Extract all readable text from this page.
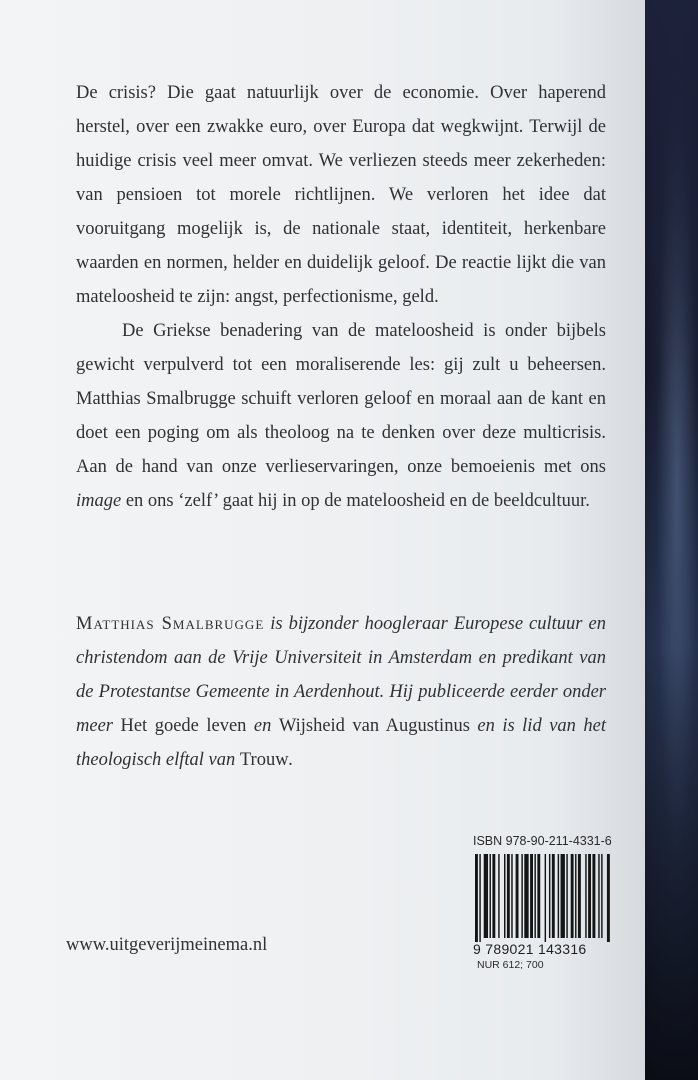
De crisis? Die gaat natuurlijk over de economie. Over haperend herstel, over een zwakke euro, over Europa dat wegkwijnt. Terwijl de huidige crisis veel meer omvat. We verliezen steeds meer zekerheden: van pensioen tot morele richtlijnen. We verloren het idee dat vooruitgang mogelijk is, de nationale staat, identiteit, herkenbare waarden en normen, helder en duidelijk geloof. De reactie lijkt die van mateloosheid te zijn: angst, perfectionisme, geld.

De Griekse benadering van de mateloosheid is onder bijbels gewicht verpulverd tot een moraliserende les: gij zult u beheersen. Matthias Smalbrugge schuift verloren geloof en moraal aan de kant en doet een poging om als theoloog na te denken over deze multicrisis. Aan de hand van onze verlieservaringen, onze bemoeienis met ons image en ons ‘zelf’ gaat hij in op de mateloosheid en de beeldcultuur.

Matthias Smalbrugge is bijzonder hoogleraar Europese cultuur en christendom aan de Vrije Universiteit in Amsterdam en predikant van de Protestantse Gemeente in Aerdenhout. Hij publiceerde eerder onder meer Het goede leven en Wijsheid van Augustinus en is lid van het theologisch elftal van Trouw.

ISBN 978-90-211-4331-6
9 789021 143316
NUR 612; 700
www.uitgeverijmeinema.nl
